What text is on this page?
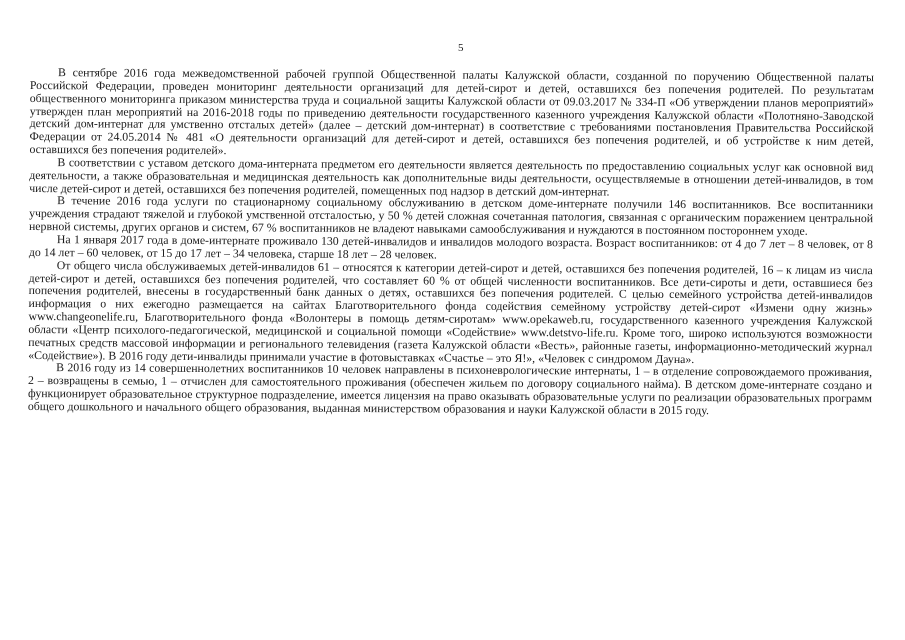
5

В сентябре 2016 года межведомственной рабочей группой Общественной палаты Калужской области, созданной по поручению Общественной палаты Российской Федерации, проведен мониторинг деятельности организаций для детей-сирот и детей, оставшихся без попечения родителей. По результатам общественного мониторинга приказом министерства труда и социальной защиты Калужской области от 09.03.2017 № 334-П «Об утверждении планов мероприятий» утвержден план мероприятий на 2016-2018 годы по приведению деятельности государственного казенного учреждения Калужской области «Полотняно-Заводской детский дом-интернат для умственно отсталых детей» (далее – детский дом-интернат) в соответствие с требованиями постановления Правительства Российской Федерации от 24.05.2014 № 481 «О деятельности организаций для детей-сирот и детей, оставшихся без попечения родителей, и об устройстве к ним детей, оставшихся без попечения родителей».

В соответствии с уставом детского дома-интерната предметом его деятельности является деятельность по предоставлению социальных услуг как основной вид деятельности, а также образовательная и медицинская деятельность как дополнительные виды деятельности, осуществляемые в отношении детей-инвалидов, в том числе детей-сирот и детей, оставшихся без попечения родителей, помещенных под надзор в детский дом-интернат.

В течение 2016 года услуги по стационарному социальному обслуживанию в детском доме-интернате получили 146 воспитанников. Все воспитанники учреждения страдают тяжелой и глубокой умственной отсталостью, у 50 % детей сложная сочетанная патология, связанная с органическим поражением центральной нервной системы, других органов и систем, 67 % воспитанников не владеют навыками самообслуживания и нуждаются в постоянном постороннем уходе.

На 1 января 2017 года в доме-интернате проживало 130 детей-инвалидов и инвалидов молодого возраста. Возраст воспитанников: от 4 до 7 лет – 8 человек, от 8 до 14 лет – 60 человек, от 15 до 17 лет – 34 человека, старше 18 лет – 28 человек.

От общего числа обслуживаемых детей-инвалидов 61 – относятся к категории детей-сирот и детей, оставшихся без попечения родителей, 16 – к лицам из числа детей-сирот и детей, оставшихся без попечения родителей, что составляет 60 % от общей численности воспитанников. Все дети-сироты и дети, оставшиеся без попечения родителей, внесены в государственный банк данных о детях, оставшихся без попечения родителей. С целью семейного устройства детей-инвалидов информация о них ежегодно размещается на сайтах Благотворительного фонда содействия семейному устройству детей-сирот «Измени одну жизнь» www.changeonelife.ru, Благотворительного фонда «Волонтеры в помощь детям-сиротам» www.opekaweb.ru, государственного казенного учреждения Калужской области «Центр психолого-педагогической, медицинской и социальной помощи «Содействие» www.detstvo-life.ru. Кроме того, широко используются возможности печатных средств массовой информации и регионального телевидения (газета Калужской области «Весть», районные газеты, информационно-методический журнал «Содействие»). В 2016 году дети-инвалиды принимали участие в фотовыставках «Счастье – это Я!», «Человек с синдромом Дауна».

В 2016 году из 14 совершеннолетних воспитанников 10 человек направлены в психоневрологические интернаты, 1 – в отделение сопровождаемого проживания, 2 – возвращены в семью, 1 – отчислен для самостоятельного проживания (обеспечен жильем по договору социального найма). В детском доме-интернате создано и функционирует образовательное структурное подразделение, имеется лицензия на право оказывать образовательные услуги по реализации образовательных программ общего дошкольного и начального общего образования, выданная министерством образования и науки Калужской области в 2015 году.
